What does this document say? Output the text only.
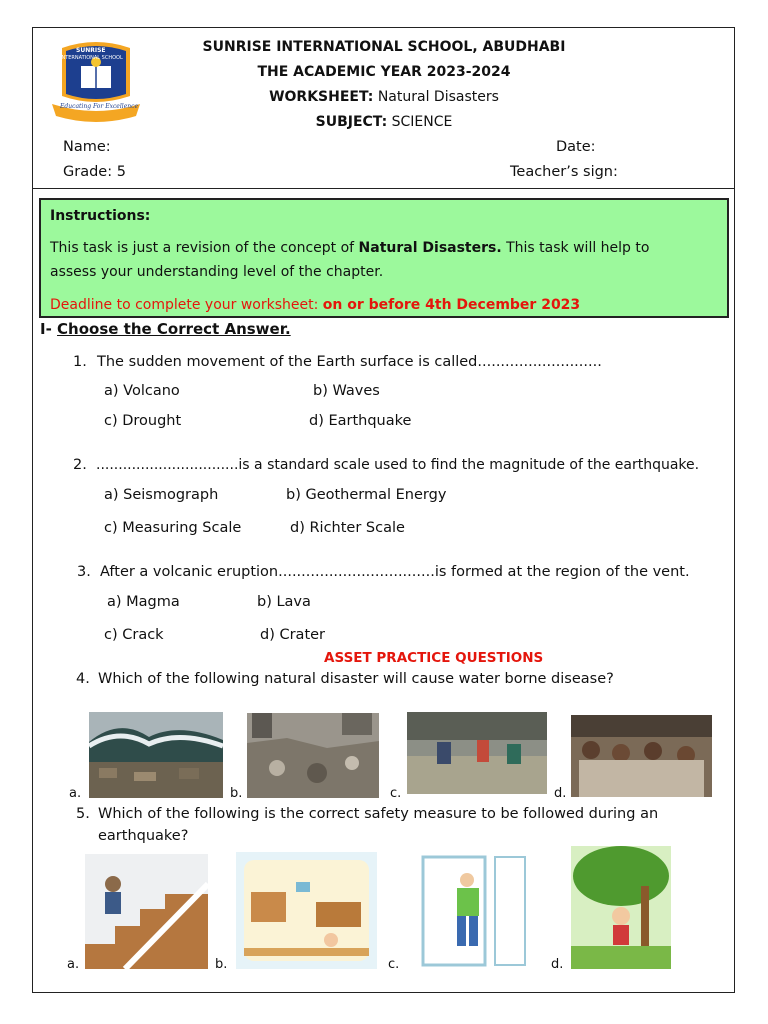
SUNRISE
INTERNATIONAL SCHOOL
Educating For Excellence
SUNRISE INTERNATIONAL SCHOOL, ABUDHABI
THE ACADEMIC YEAR 2023-2024
WORKSHEET: Natural Disasters
SUBJECT: SCIENCE
Name:	Date:
Grade: 5	Teacher’s sign:
Instructions:
This task is just a revision of the concept of Natural Disasters. This task will help to
assess your understanding level of the chapter.
Deadline to complete your worksheet: on or before 4th December 2023
I- Choose the Correct Answer.
1. The sudden movement of the Earth surface is called...........................
a) Volcano	b) Waves
c) Drought	d) Earthquake
2. ................................is a standard scale used to find the magnitude of the earthquake.
a) Seismograph	b) Geothermal Energy
c) Measuring Scale	d) Richter Scale
3. After a volcanic eruption..................................is formed at the region of the vent.
a) Magma	b) Lava
c) Crack	d) Crater
ASSET PRACTICE QUESTIONS
4. Which of the following natural disaster will cause water borne disease?
a.	b.	c.	d.
5. Which of the following is the correct safety measure to be followed during an
earthquake?
a.	b.	c.	d.
